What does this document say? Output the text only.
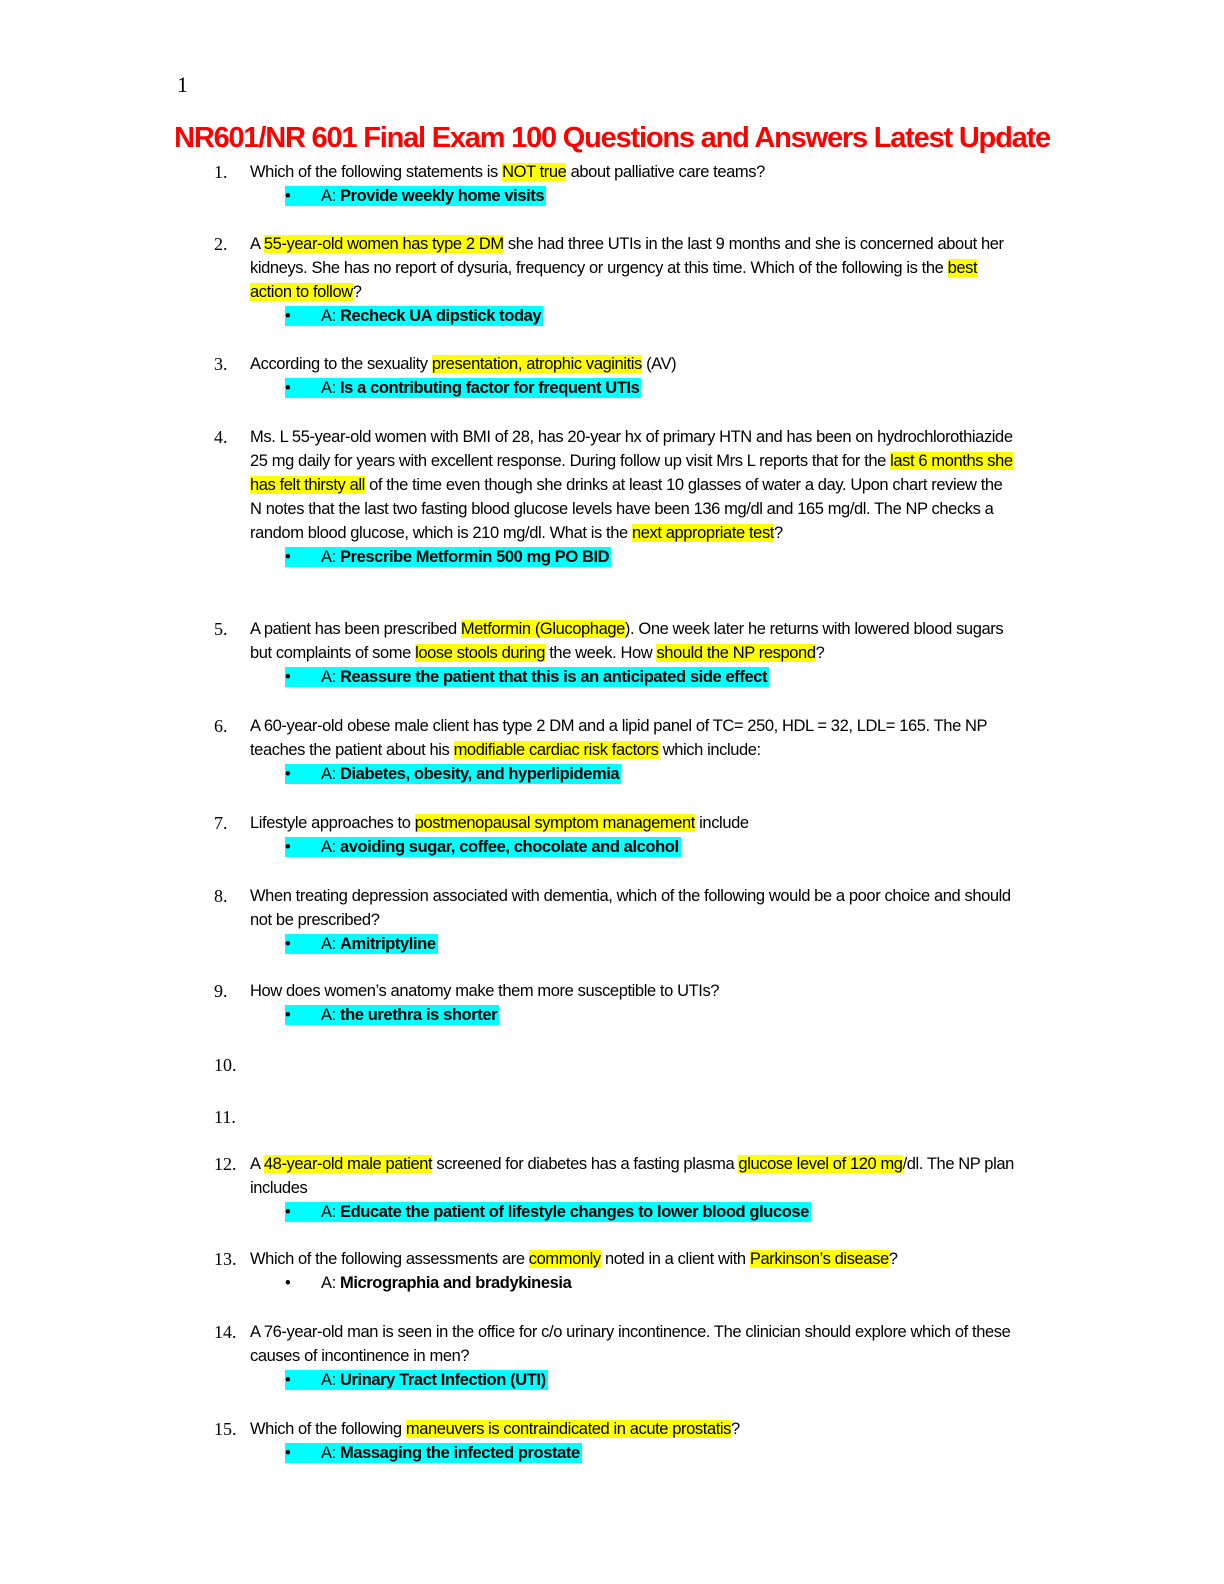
1
NR601/NR 601 Final Exam 100 Questions and Answers Latest Update
1. Which of the following statements is NOT true about palliative care teams?
• A: Provide weekly home visits
2. A 55-year-old women has type 2 DM she had three UTIs in the last 9 months and she is concerned about her kidneys. She has no report of dysuria, frequency or urgency at this time. Which of the following is the best action to follow?
• A: Recheck UA dipstick today
3. According to the sexuality presentation, atrophic vaginitis (AV)
• A: Is a contributing factor for frequent UTIs
4. Ms. L 55-year-old women with BMI of 28, has 20-year hx of primary HTN and has been on hydrochlorothiazide 25 mg daily for years with excellent response. During follow up visit Mrs L reports that for the last 6 months she has felt thirsty all of the time even though she drinks at least 10 glasses of water a day. Upon chart review the N notes that the last two fasting blood glucose levels have been 136 mg/dl and 165 mg/dl. The NP checks a random blood glucose, which is 210 mg/dl. What is the next appropriate test?
• A: Prescribe Metformin 500 mg PO BID
5. A patient has been prescribed Metformin (Glucophage). One week later he returns with lowered blood sugars but complaints of some loose stools during the week. How should the NP respond?
• A: Reassure the patient that this is an anticipated side effect
6. A 60-year-old obese male client has type 2 DM and a lipid panel of TC= 250, HDL = 32, LDL= 165. The NP teaches the patient about his modifiable cardiac risk factors which include:
• A: Diabetes, obesity, and hyperlipidemia
7. Lifestyle approaches to postmenopausal symptom management include
• A: avoiding sugar, coffee, chocolate and alcohol
8. When treating depression associated with dementia, which of the following would be a poor choice and should not be prescribed?
• A: Amitriptyline
9. How does women’s anatomy make them more susceptible to UTIs?
• A: the urethra is shorter
10.
11.
12. A 48-year-old male patient screened for diabetes has a fasting plasma glucose level of 120 mg/dl. The NP plan includes
• A: Educate the patient of lifestyle changes to lower blood glucose
13. Which of the following assessments are commonly noted in a client with Parkinson’s disease?
• A: Micrographia and bradykinesia
14. A 76-year-old man is seen in the office for c/o urinary incontinence. The clinician should explore which of these causes of incontinence in men?
• A: Urinary Tract Infection (UTI)
15. Which of the following maneuvers is contraindicated in acute prostatis?
• A: Massaging the infected prostate
